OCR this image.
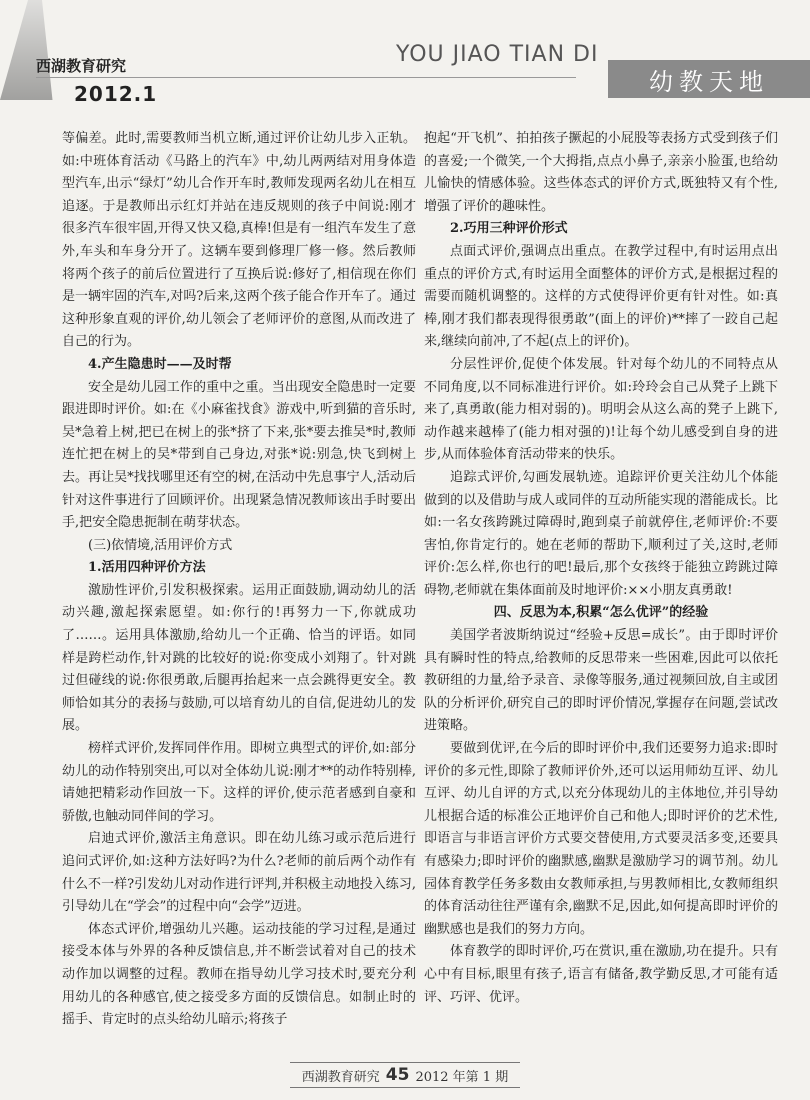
西湖教育研究
2012.1
YOU JIAO TIAN DI
幼教天地

等偏差。此时,需要教师当机立断,通过评价让幼儿步入正轨。如:中班体育活动《马路上的汽车》中,幼儿两两结对用身体造型汽车,出示“绿灯”幼儿合作开车时,教师发现两名幼儿在相互追逐。于是教师出示红灯并站在违反规则的孩子中间说:刚才很多汽车很牢固,开得又快又稳,真棒!但是有一组汽车发生了意外,车头和车身分开了。这辆车要到修理厂修一修。然后教师将两个孩子的前后位置进行了互换后说:修好了,相信现在你们是一辆牢固的汽车,对吗?后来,这两个孩子能合作开车了。通过这种形象直观的评价,幼儿领会了老师评价的意图,从而改进了自己的行为。

4.产生隐患时——及时帮

安全是幼儿园工作的重中之重。当出现安全隐患时一定要跟进即时评价。如:在《小麻雀找食》游戏中,听到猫的音乐时,吴*急着上树,把已在树上的张*挤了下来,张*要去推吴*时,教师连忙把在树上的吴*带到自己身边,对张*说:别急,快飞到树上去。再让吴*找找哪里还有空的树,在活动中先息事宁人,活动后针对这件事进行了回顾评价。出现紧急情况教师该出手时要出手,把安全隐患扼制在萌芽状态。

(三)依情境,活用评价方式

1.活用四种评价方法

激励性评价,引发积极探索。运用正面鼓励,调动幼儿的活动兴趣,激起探索愿望。如:你行的!再努力一下,你就成功了……。运用具体激励,给幼儿一个正确、恰当的评语。如同样是跨栏动作,针对跳的比较好的说:你变成小刘翔了。针对跳过但碰线的说:你很勇敢,后腿再抬起来一点会跳得更安全。教师恰如其分的表扬与鼓励,可以培育幼儿的自信,促进幼儿的发展。

榜样式评价,发挥同伴作用。即树立典型式的评价,如:部分幼儿的动作特别突出,可以对全体幼儿说:刚才**的动作特别棒,请她把精彩动作回放一下。这样的评价,使示范者感到自豪和骄傲,也触动同伴间的学习。

启迪式评价,激活主角意识。即在幼儿练习或示范后进行追问式评价,如:这种方法好吗?为什么?老师的前后两个动作有什么不一样?引发幼儿对动作进行评判,并积极主动地投入练习,引导幼儿在“学会”的过程中向“会学”迈进。

体态式评价,增强幼儿兴趣。运动技能的学习过程,是通过接受本体与外界的各种反馈信息,并不断尝试着对自己的技术动作加以调整的过程。教师在指导幼儿学习技术时,要充分利用幼儿的各种感官,使之接受多方面的反馈信息。如制止时的摇手、肯定时的点头给幼儿暗示;将孩子

抱起“开飞机”、拍拍孩子撅起的小屁股等表扬方式受到孩子们的喜爱;一个微笑,一个大拇指,点点小鼻子,亲亲小脸蛋,也给幼儿愉快的情感体验。这些体态式的评价方式,既独特又有个性,增强了评价的趣味性。

2.巧用三种评价形式

点面式评价,强调点出重点。在教学过程中,有时运用点出重点的评价方式,有时运用全面整体的评价方式,是根据过程的需要而随机调整的。这样的方式使得评价更有针对性。如:真棒,刚才我们都表现得很勇敢”(面上的评价)**摔了一跤自己起来,继续向前冲,了不起(点上的评价)。

分层性评价,促使个体发展。针对每个幼儿的不同特点从不同角度,以不同标准进行评价。如:玲玲会自己从凳子上跳下来了,真勇敢(能力相对弱的)。明明会从这么高的凳子上跳下,动作越来越棒了(能力相对强的)!让每个幼儿感受到自身的进步,从而体验体育活动带来的快乐。

追踪式评价,勾画发展轨迹。追踪评价更关注幼儿个体能做到的以及借助与成人或同伴的互动所能实现的潜能成长。比如:一名女孩跨跳过障碍时,跑到桌子前就停住,老师评价:不要害怕,你肯定行的。她在老师的帮助下,顺利过了关,这时,老师评价:怎么样,你也行的吧!最后,那个女孩终于能独立跨跳过障碍物,老师就在集体面前及时地评价:××小朋友真勇敢!

四、反思为本,积累“怎么优评”的经验

美国学者波斯纳说过“经验+反思=成长”。由于即时评价具有瞬时性的特点,给教师的反思带来一些困难,因此可以依托教研组的力量,给予录音、录像等服务,通过视频回放,自主或团队的分析评价,研究自己的即时评价情况,掌握存在问题,尝试改进策略。

要做到优评,在今后的即时评价中,我们还要努力追求:即时评价的多元性,即除了教师评价外,还可以运用师幼互评、幼儿互评、幼儿自评的方式,以充分体现幼儿的主体地位,并引导幼儿根据合适的标准公正地评价自己和他人;即时评价的艺术性,即语言与非语言评价方式要交替使用,方式要灵活多变,还要具有感染力;即时评价的幽默感,幽默是激励学习的调节剂。幼儿园体育教学任务多数由女教师承担,与男教师相比,女教师组织的体育活动往往严谨有余,幽默不足,因此,如何提高即时评价的幽默感也是我们的努力方向。

体育教学的即时评价,巧在赏识,重在激励,功在提升。只有心中有目标,眼里有孩子,语言有储备,教学勤反思,才可能有适评、巧评、优评。

西湖教育研究 45 2012 年第 1 期
